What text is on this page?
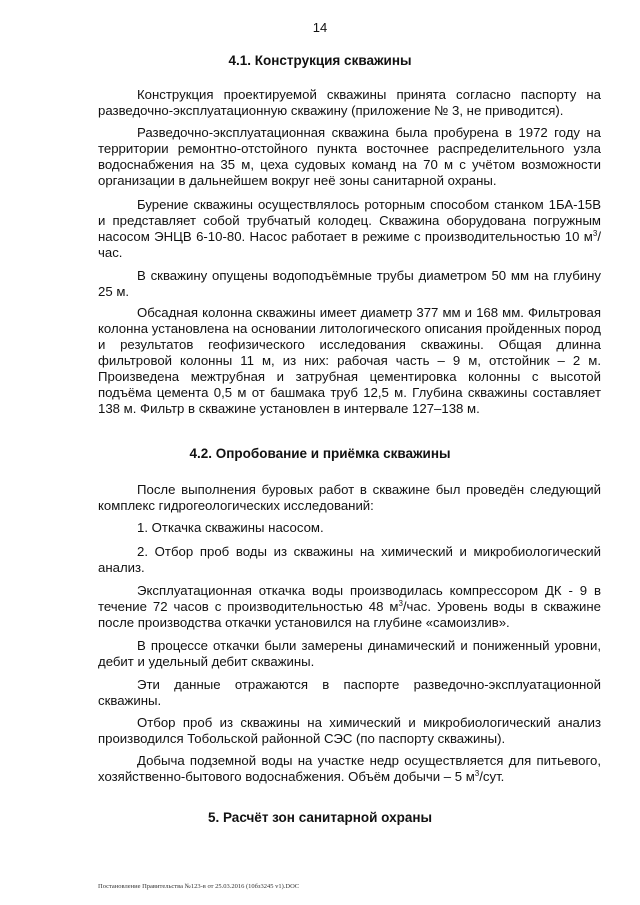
14
4.1. Конструкция скважины

Конструкция проектируемой скважины принята согласно паспорту на разведочно-эксплуатационную скважину (приложение № 3, не приводится).

Разведочно-эксплуатационная скважина была пробурена в 1972 году на территории ремонтно-отстойного пункта восточнее распределительного узла водоснабжения на 35 м, цеха судовых команд на 70 м с учётом возможности организации в дальнейшем вокруг неё зоны санитарной охраны.

Бурение скважины осуществлялось роторным способом станком 1БА-15В и представляет собой трубчатый колодец. Скважина оборудована погружным насосом ЭНЦВ 6-10-80. Насос работает в режиме с производительностью 10 $м^3$/час.

В скважину опущены водоподъёмные трубы диаметром 50 мм на глубину 25 м.

Обсадная колонна скважины имеет диаметр 377 мм и 168 мм. Фильтровая колонна установлена на основании литологического описания пройденных пород и результатов геофизического исследования скважины. Общая длинна фильтровой колонны 11 м, из них: рабочая часть – 9 м, отстойник – 2 м. Произведена межтрубная и затрубная цементировка колонны с высотой подъёма цемента 0,5 м от башмака труб 12,5 м. Глубина скважины составляет 138 м. Фильтр в скважине установлен в интервале 127–138 м.

4.2. Опробование и приёмка скважины

После выполнения буровых работ в скважине был проведён следующий комплекс гидрогеологических исследований:

1. Откачка скважины насосом.

2. Отбор проб воды из скважины на химический и микробиологический анализ.

Эксплуатационная откачка воды производилась компрессором ДК - 9 в течение 72 часов с производительностью 48 $м^3$/час. Уровень воды в скважине после производства откачки установился на глубине «самоизлив».

В процессе откачки были замерены динамический и пониженный уровни, дебит и удельный дебит скважины.

Эти данные отражаются в паспорте разведочно-эксплуатационной скважины.

Отбор проб из скважины на химический и микробиологический анализ производился Тобольской районной СЭС (по паспорту скважины).

Добыча подземной воды на участке недр осуществляется для питьевого, хозяйственно-бытового водоснабжения. Объём добычи – 5 $м^3$/сут.

5. Расчёт зон санитарной охраны
Постановление Правительства №123-в от 25.03.2016 (10бз3245 v1).DOC
